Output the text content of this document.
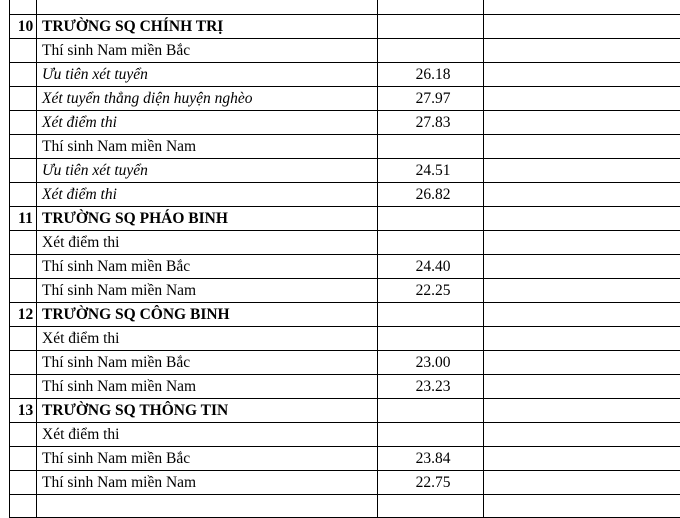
10	TRƯỜNG SQ CHÍNH TRỊ		
	Thí sinh Nam miền Bắc		
	Ưu tiên xét tuyển	26.18	
	Xét tuyển thẳng diện huyện nghèo	27.97	
	Xét điểm thi	27.83	
	Thí sinh Nam miền Nam		
	Ưu tiên xét tuyển	24.51	
	Xét điểm thi	26.82	
11	TRƯỜNG SQ PHÁO BINH		
	Xét điểm thi		
	Thí sinh Nam miền Bắc	24.40	
	Thí sinh Nam miền Nam	22.25	
12	TRƯỜNG SQ CÔNG BINH		
	Xét điểm thi		
	Thí sinh Nam miền Bắc	23.00	
	Thí sinh Nam miền Nam	23.23	
13	TRƯỜNG SQ THÔNG TIN		
	Xét điểm thi		
	Thí sinh Nam miền Bắc	23.84	
	Thí sinh Nam miền Nam	22.75	
